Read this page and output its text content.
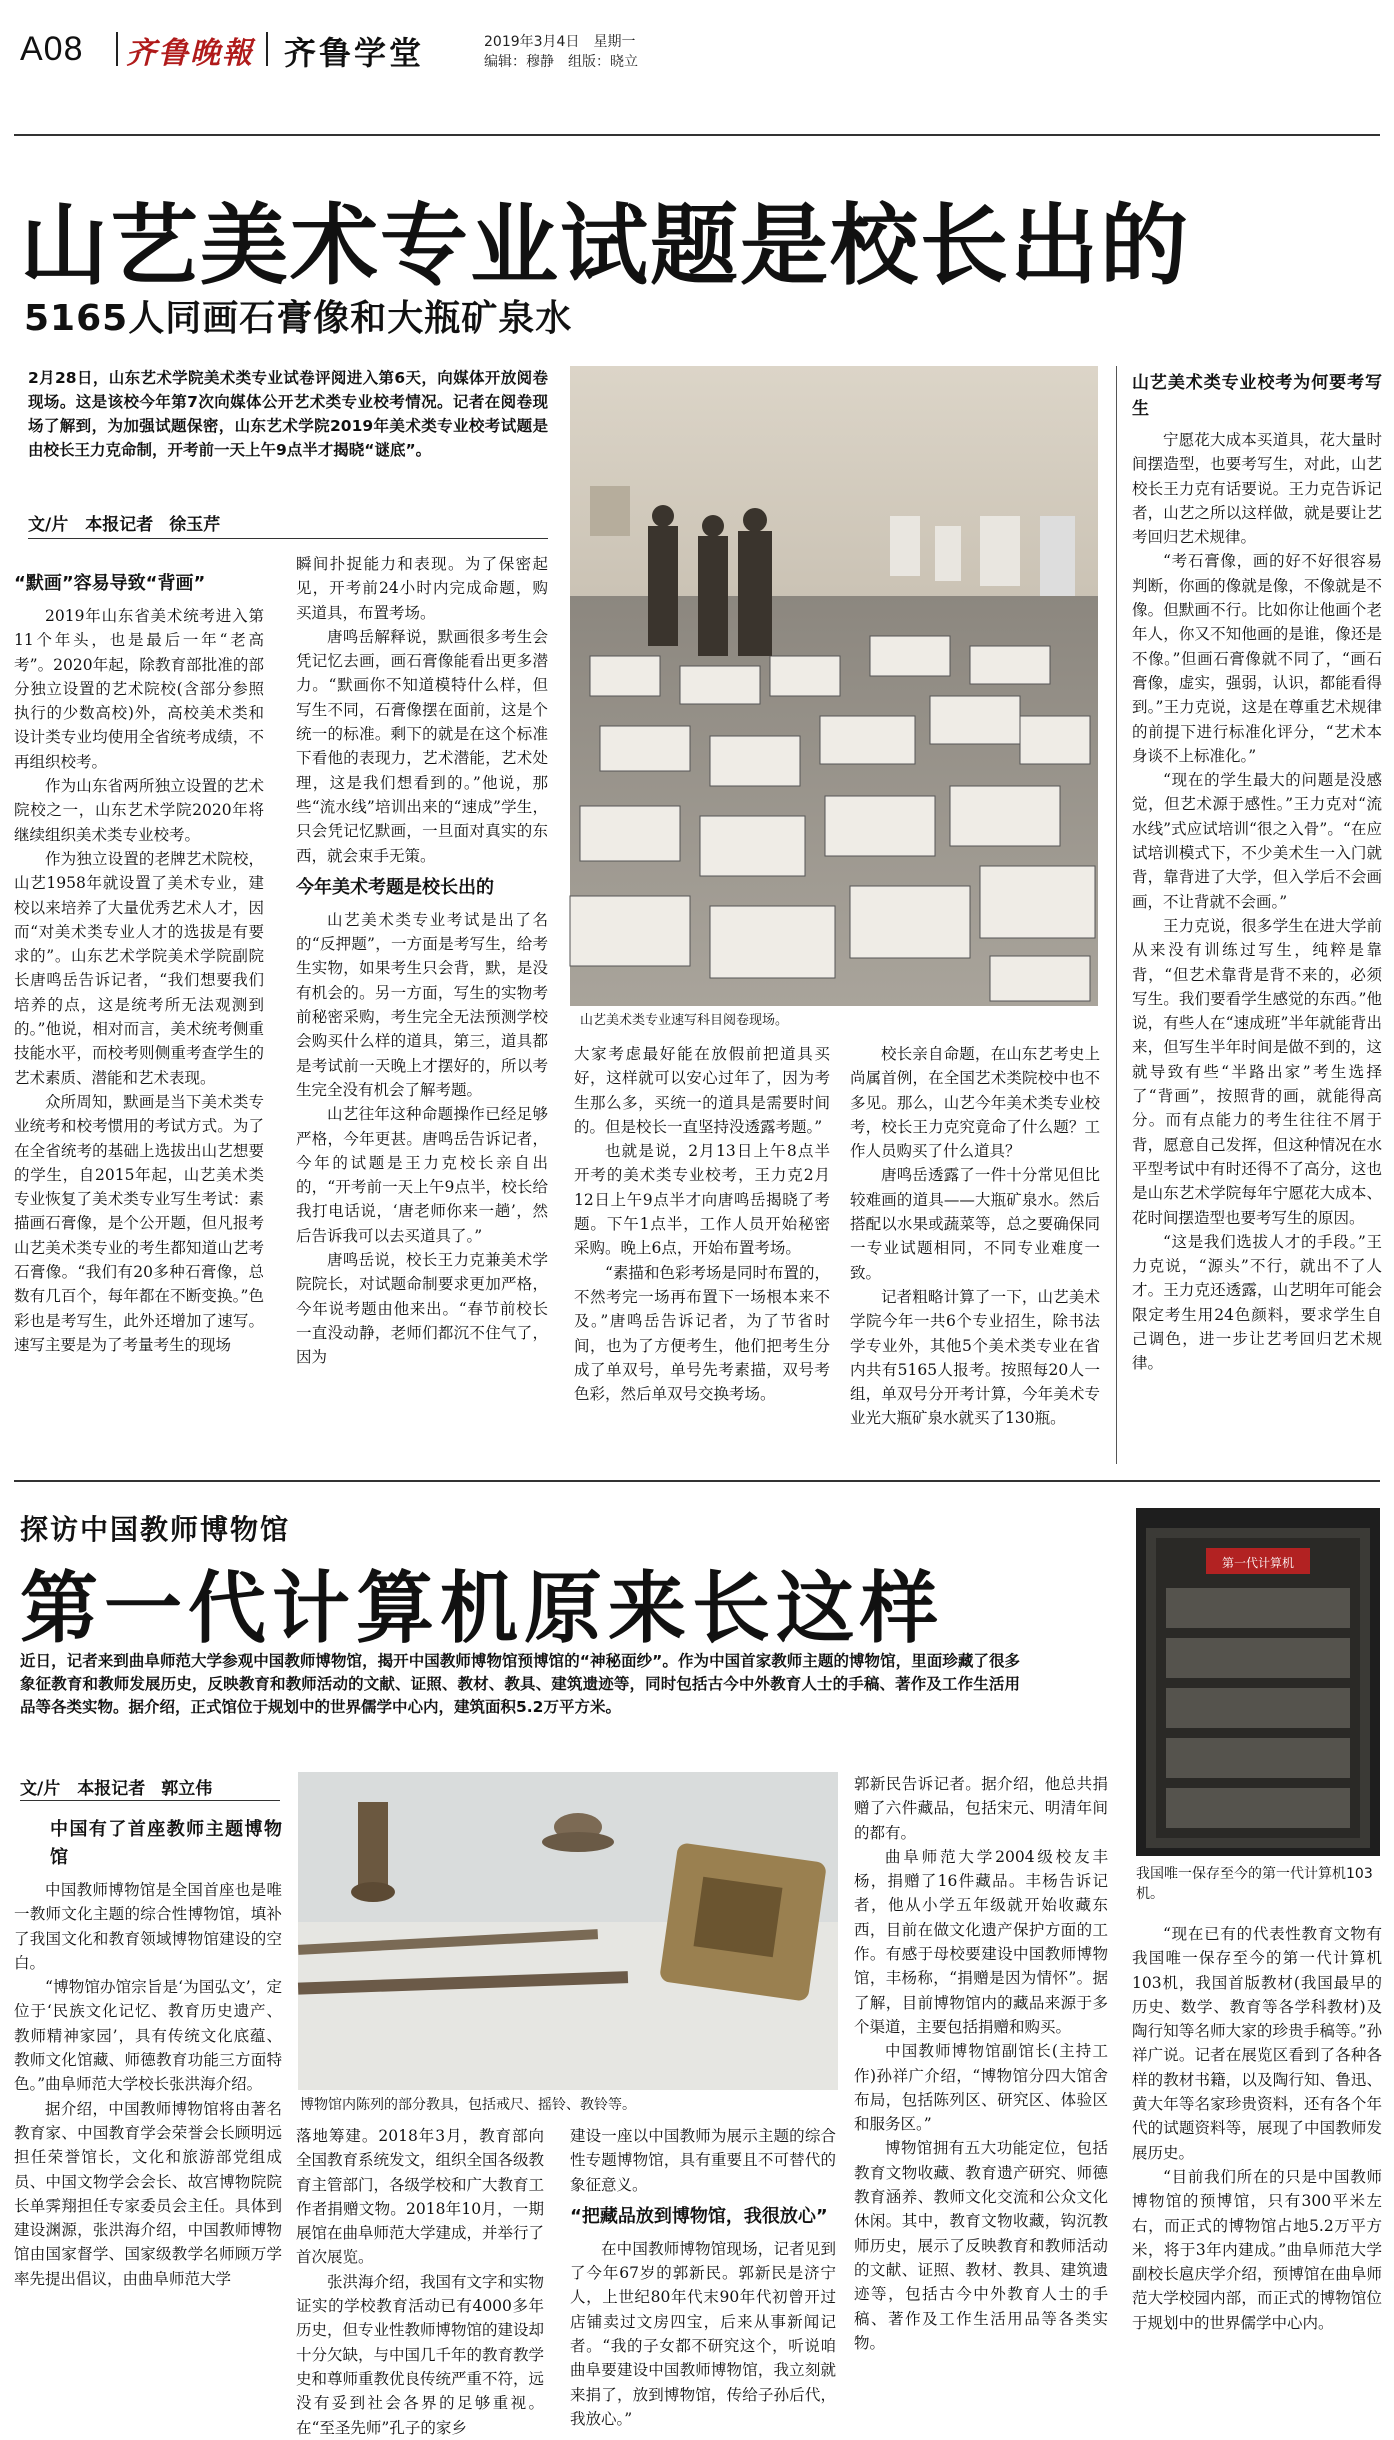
A08 齐鲁晚報 齐鲁学堂	2019年3月4日 星期一
编辑：穆静 组版：晓立
山艺美术专业试题是校长出的
5165人同画石膏像和大瓶矿泉水
2月28日，山东艺术学院美术类专业试卷评阅进入第6天，向媒体开放阅卷现场。这是该校今年第7次向媒体公开艺术类专业校考情况。记者在阅卷现场了解到，为加强试题保密，山东艺术学院2019年美术类专业校考试题是由校长王力克命制，开考前一天上午9点半才揭晓“谜底”。
文/片　本报记者 徐玉芹
山艺美术类专业速写科目阅卷现场。
“默画”容易导致“背画”

2019年山东省美术统考进入第11个年头，也是最后一年“老高考”。2020年起，除教育部批准的部分独立设置的艺术院校(含部分参照执行的少数高校)外，高校美术类和设计类专业均使用全省统考成绩，不再组织校考。

作为山东省两所独立设置的艺术院校之一，山东艺术学院2020年将继续组织美术类专业校考。

作为独立设置的老牌艺术院校，山艺1958年就设置了美术专业，建校以来培养了大量优秀艺术人才，因而“对美术类专业人才的选拔是有要求的”。山东艺术学院美术学院副院长唐鸣岳告诉记者，“我们想要我们培养的点，这是统考所无法观测到的。”他说，相对而言，美术统考侧重技能水平，而校考则侧重考查学生的艺术素质、潜能和艺术表现。

众所周知，默画是当下美术类专业统考和校考惯用的考试方式。为了在全省统考的基础上选拔出山艺想要的学生，自2015年起，山艺美术类专业恢复了美术类专业写生考试：素描画石膏像，是个公开题，但凡报考山艺美术类专业的考生都知道山艺考石膏像。“我们有20多种石膏像，总数有几百个，每年都在不断变换。”色彩也是考写生，此外还增加了速写。速写主要是为了考量考生的现场

瞬间扑捉能力和表现。为了保密起见，开考前24小时内完成命题，购买道具，布置考场。

唐鸣岳解释说，默画很多考生会凭记忆去画，画石膏像能看出更多潜力。“默画你不知道模特什么样，但写生不同，石膏像摆在面前，这是个统一的标准。剩下的就是在这个标准下看他的表现力，艺术潜能，艺术处理，这是我们想看到的。”他说，那些“流水线”培训出来的“速成”学生，只会凭记忆默画，一旦面对真实的东西，就会束手无策。

今年美术考题是校长出的

山艺美术类专业考试是出了名的“反押题”，一方面是考写生，给考生实物，如果考生只会背，默，是没有机会的。另一方面，写生的实物考前秘密采购，考生完全无法预测学校会购买什么样的道具，第三，道具都是考试前一天晚上才摆好的，所以考生完全没有机会了解考题。

山艺往年这种命题操作已经足够严格，今年更甚。唐鸣岳告诉记者，今年的试题是王力克校长亲自出的，“开考前一天上午9点半，校长给我打电话说，‘唐老师你来一趟’，然后告诉我可以去买道具了。”

唐鸣岳说，校长王力克兼美术学院院长，对试题命制要求更加严格，今年说考题由他来出。“春节前校长一直没动静，老师们都沉不住气了，因为

大家考虑最好能在放假前把道具买好，这样就可以安心过年了，因为考生那么多，买统一的道具是需要时间的。但是校长一直坚持没透露考题。”

也就是说，2月13日上午8点半开考的美术类专业校考，王力克2月12日上午9点半才向唐鸣岳揭晓了考题。下午1点半，工作人员开始秘密采购。晚上6点，开始布置考场。

“素描和色彩考场是同时布置的，不然考完一场再布置下一场根本来不及。”唐鸣岳告诉记者，为了节省时间，也为了方便考生，他们把考生分成了单双号，单号先考素描，双号考色彩，然后单双号交换考场。

校长亲自命题，在山东艺考史上尚属首例，在全国艺术类院校中也不多见。那么，山艺今年美术类专业校考，校长王力克究竟命了什么题？工作人员购买了什么道具？

唐鸣岳透露了一件十分常见但比较难画的道具——大瓶矿泉水。然后搭配以水果或蔬菜等，总之要确保同一专业试题相同，不同专业难度一致。

记者粗略计算了一下，山艺美术学院今年一共6个专业招生，除书法学专业外，其他5个美术类专业在省内共有5165人报考。按照每20人一组，单双号分开考计算，今年美术专业光大瓶矿泉水就买了130瓶。

山艺美术类专业校考为何要考写生

宁愿花大成本买道具，花大量时间摆造型，也要考写生，对此，山艺校长王力克有话要说。王力克告诉记者，山艺之所以这样做，就是要让艺考回归艺术规律。

“考石膏像，画的好不好很容易判断，你画的像就是像，不像就是不像。但默画不行。比如你让他画个老年人，你又不知他画的是谁，像还是不像。”但画石膏像就不同了，“画石膏像，虚实，强弱，认识，都能看得到。”王力克说，这是在尊重艺术规律的前提下进行标准化评分，“艺术本身谈不上标准化。”

“现在的学生最大的问题是没感觉，但艺术源于感性。”王力克对“流水线”式应试培训“很之入骨”。“在应试培训模式下，不少美术生一入门就背，靠背进了大学，但入学后不会画画，不让背就不会画。”

王力克说，很多学生在进大学前从来没有训练过写生，纯粹是靠背，“但艺术靠背是背不来的，必须写生。我们要看学生感觉的东西。”他说，有些人在“速成班”半年就能背出来，但写生半年时间是做不到的，这就导致有些“半路出家”考生选择了“背画”，按照背的画，就能得高分。而有点能力的考生往往不屑于背，愿意自己发挥，但这种情况在水平型考试中有时还得不了高分，这也是山东艺术学院每年宁愿花大成本、花时间摆造型也要考写生的原因。

“这是我们选拔人才的手段。”王力克说，“源头”不行，就出不了人才。王力克还透露，山艺明年可能会限定考生用24色颜料，要求学生自己调色，进一步让艺考回归艺术规律。

探访中国教师博物馆
第一代计算机原来长这样
近日，记者来到曲阜师范大学参观中国教师博物馆，揭开中国教师博物馆预博馆的“神秘面纱”。作为中国首家教师主题的博物馆，里面珍藏了很多象征教育和教师发展历史，反映教育和教师活动的文献、证照、教材、教具、建筑遗迹等，同时包括古今中外教育人士的手稿、著作及工作生活用品等各类实物。据介绍，正式馆位于规划中的世界儒学中心内，建筑面积5.2万平方米。
第一代计算机
我国唯一保存至今的第一代计算机103机。
文/片　本报记者 郭立伟
博物馆内陈列的部分教具，包括戒尺、摇铃、教铃等。
中国有了首座教师主题博物馆

中国教师博物馆是全国首座也是唯一教师文化主题的综合性博物馆，填补了我国文化和教育领域博物馆建设的空白。

“博物馆办馆宗旨是‘为国弘文’，定位于‘民族文化记忆、教育历史遗产、教师精神家园’，具有传统文化底蕴、教师文化馆藏、师德教育功能三方面特色。”曲阜师范大学校长张洪海介绍。

据介绍，中国教师博物馆将由著名教育家、中国教育学会荣誉会长顾明远担任荣誉馆长，文化和旅游部党组成员、中国文物学会会长、故宫博物院院长单霁翔担任专家委员会主任。具体到建设渊源，张洪海介绍，中国教师博物馆由国家督学、国家级教学名师顾万学率先提出倡议，由曲阜师范大学

落地筹建。2018年3月，教育部向全国教育系统发文，组织全国各级教育主管部门，各级学校和广大教育工作者捐赠文物。2018年10月，一期展馆在曲阜师范大学建成，并举行了首次展览。

张洪海介绍，我国有文字和实物证实的学校教育活动已有4000多年历史，但专业性教师博物馆的建设却十分欠缺，与中国几千年的教育教学史和尊师重教优良传统严重不符，远没有妥到社会各界的足够重视。在“至圣先师”孔子的家乡

建设一座以中国教师为展示主题的综合性专题博物馆，具有重要且不可替代的象征意义。

“把藏品放到博物馆，我很放心”

在中国教师博物馆现场，记者见到了今年67岁的郭新民。郭新民是济宁人，上世纪80年代末90年代初曾开过店铺卖过文房四宝，后来从事新闻记者。“我的子女都不研究这个，听说咱曲阜要建设中国教师博物馆，我立刻就来捐了，放到博物馆，传给子孙后代，我放心。”

郭新民告诉记者。据介绍，他总共捐赠了六件藏品，包括宋元、明清年间的都有。

曲阜师范大学2004级校友丰杨，捐赠了16件藏品。丰杨告诉记者，他从小学五年级就开始收藏东西，目前在做文化遗产保护方面的工作。有感于母校要建设中国教师博物馆，丰杨称，“捐赠是因为情怀”。据了解，目前博物馆内的藏品来源于多个渠道，主要包括捐赠和购买。

中国教师博物馆副馆长(主持工作)孙祥广介绍，“博物馆分四大馆舍布局，包括陈列区、研究区、体验区和服务区。”

博物馆拥有五大功能定位，包括教育文物收藏、教育遗产研究、师德教育涵养、教师文化交流和公众文化休闲。其中，教育文物收藏，钩沉教师历史，展示了反映教育和教师活动的文献、证照、教材、教具、建筑遗迹等，包括古今中外教育人士的手稿、著作及工作生活用品等各类实物。

“现在已有的代表性教育文物有我国唯一保存至今的第一代计算机103机，我国首版教材(我国最早的历史、数学、教育等各学科教材)及陶行知等名师大家的珍贵手稿等。”孙祥广说。记者在展览区看到了各种各样的教材书籍，以及陶行知、鲁迅、黄大年等名家珍贵资料，还有各个年代的试题资料等，展现了中国教师发展历史。

“目前我们所在的只是中国教师博物馆的预博馆，只有300平米左右，而正式的博物馆占地5.2万平方米，将于3年内建成。”曲阜师范大学副校长扈庆学介绍，预博馆在曲阜师范大学校园内部，而正式的博物馆位于规划中的世界儒学中心内。
